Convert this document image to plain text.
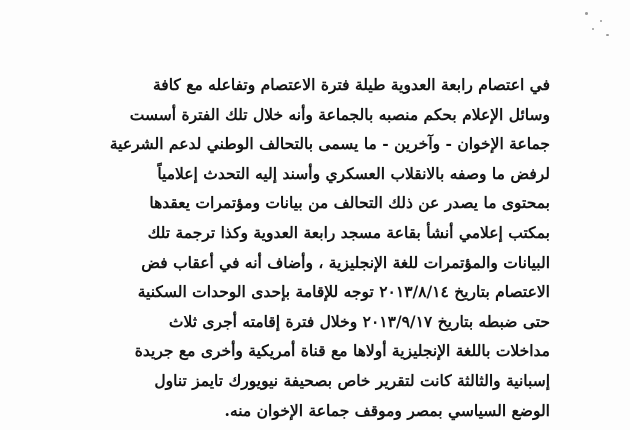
في اعتصام رابعة العدوية طيلة فترة الاعتصام وتفاعله مع كافة
وسائل الإعلام بحكم منصبه بالجماعة وأنه خلال تلك الفترة أسست
جماعة الإخوان - وآخرين - ما يسمى بالتحالف الوطني لدعم الشرعية
لرفض ما وصفه بالانقلاب العسكري وأسند إليه التحدث إعلامياً
بمحتوى ما يصدر عن ذلك التحالف من بيانات ومؤتمرات يعقدها
بمكتب إعلامي أنشأ بقاعة مسجد رابعة العدوية وكذا ترجمة تلك
البيانات والمؤتمرات للغة الإنجليزية ، وأضاف أنه في أعقاب فض
الاعتصام بتاريخ ٢٠١٣/٨/١٤ توجه للإقامة بإحدى الوحدات السكنية
حتى ضبطه بتاريخ ٢٠١٣/٩/١٧ وخلال فترة إقامته أجرى ثلاث
مداخلات باللغة الإنجليزية أولاها مع قناة أمريكية وأخرى مع جريدة
إسبانية والثالثة كانت لتقرير خاص بصحيفة نيويورك تايمز تناول
الوضع السياسي بمصر وموقف جماعة الإخوان منه.
